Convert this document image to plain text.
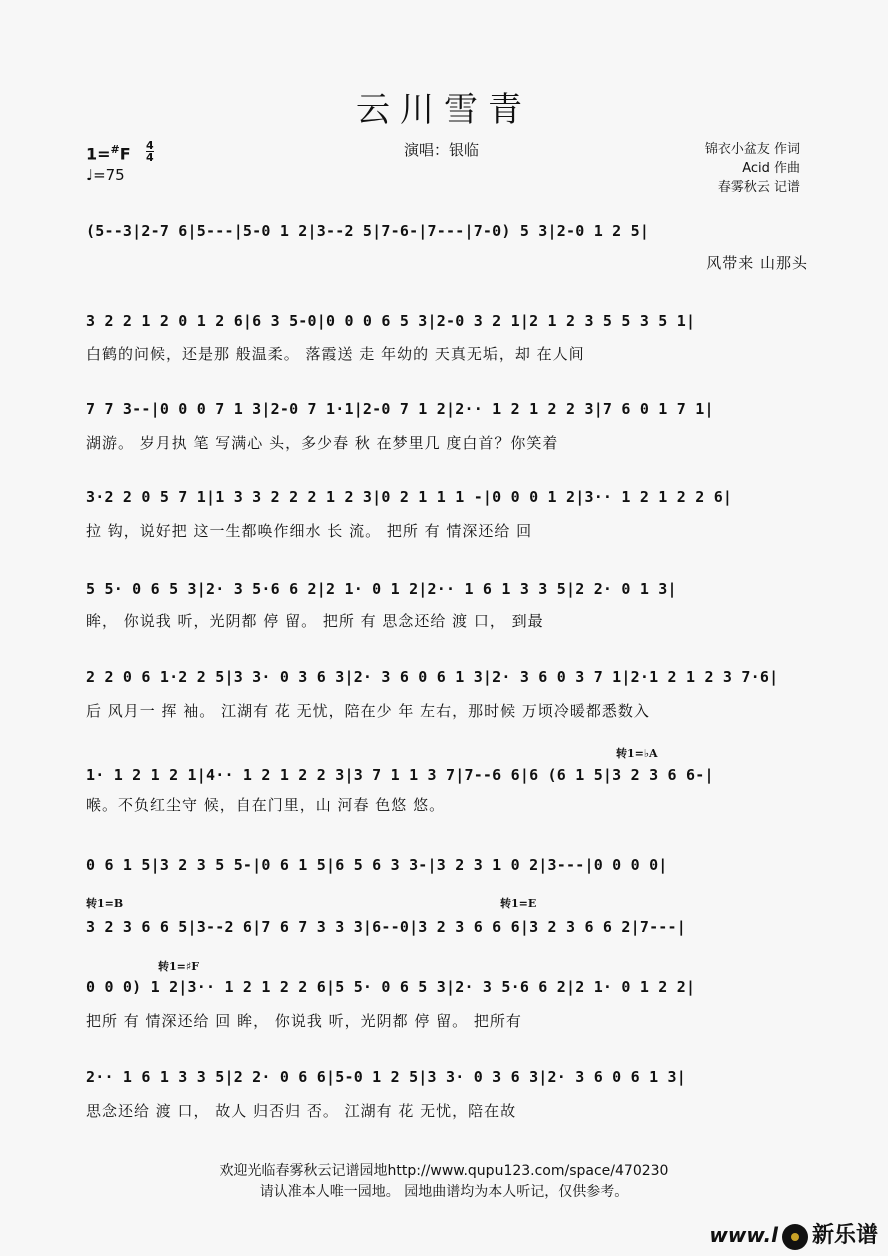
云川雪青
1=#F 4
4
♩=75
演唱：银临	锦衣小盆友 作词
Acid 作曲
春雾秋云 记谱
(5--3|2-7 6|5---|5-0 1 2|3--2 5|7-6-|7---|7-0) 5 3|2-0 1 2 5|
风带来 山那头
3 2 2 1 2 0 1 2 6|6 3 5-0|0 0 0 6 5 3|2-0 3 2 1|2 1 2 3 5 5 3 5 1|
白鹤的问候，还是那 般温柔。 落霞送 走 年幼的 天真无垢，却 在人间
7 7 3--|0 0 0 7 1 3|2-0 7 1·1|2-0 7 1 2|2·· 1 2 1 2 2 3|7 6 0 1 7 1|
湖游。 岁月执 笔 写满心 头，多少春 秋 在梦里几 度白首？你笑着
3·2 2 0 5 7 1|1 3 3 2 2 2 1 2 3|0 2 1 1 1 -|0 0 0 1 2|3·· 1 2 1 2 2 6|
拉 钩，说好把 这一生都唤作细水 长 流。 把所 有 情深还给 回
5 5· 0 6 5 3|2· 3 5·6 6 2|2 1· 0 1 2|2·· 1 6 1 3 3 5|2 2· 0 1 3|
眸， 你说我 听，光阴都 停 留。 把所 有 思念还给 渡 口， 到最
2 2 0 6 1·2 2 5|3 3· 0 3 6 3|2· 3 6 0 6 1 3|2· 3 6 0 3 7 1|2·1 2 1 2 3 7·6|
后 风月一 挥 袖。 江湖有 花 无忧，陪在少 年 左右，那时候 万顷冷暖都悉数入
转1=♭A
1· 1 2 1 2 1|4·· 1 2 1 2 2 3|3 7 1 1 3 7|7--6 6|6 (6 1 5|3 2 3 6 6-|
喉。不负红尘守 候，自在门里，山 河春 色悠 悠。
0 6 1 5|3 2 3 5 5-|0 6 1 5|6 5 6 3 3-|3 2 3 1 0 2|3---|0 0 0 0|
转1=B	转1=E
3 2 3 6 6 5|3--2 6|7 6 7 3 3 3|6--0|3 2 3 6 6 6|3 2 3 6 6 2|7---|
转1=♯F
0 0 0) 1 2|3·· 1 2 1 2 2 6|5 5· 0 6 5 3|2· 3 5·6 6 2|2 1· 0 1 2 2|
把所 有 情深还给 回 眸， 你说我 听，光阴都 停 留。 把所有
2·· 1 6 1 3 3 5|2 2· 0 6 6|5-0 1 2 5|3 3· 0 3 6 3|2· 3 6 0 6 1 3|
思念还给 渡 口， 故人 归否归 否。 江湖有 花 无忧，陪在故
欢迎光临春雾秋云记谱园地http://www.qupu123.com/space/470230
请认准本人唯一园地。 园地曲谱均为本人听记，仅供参考。
www.l 新乐谱
